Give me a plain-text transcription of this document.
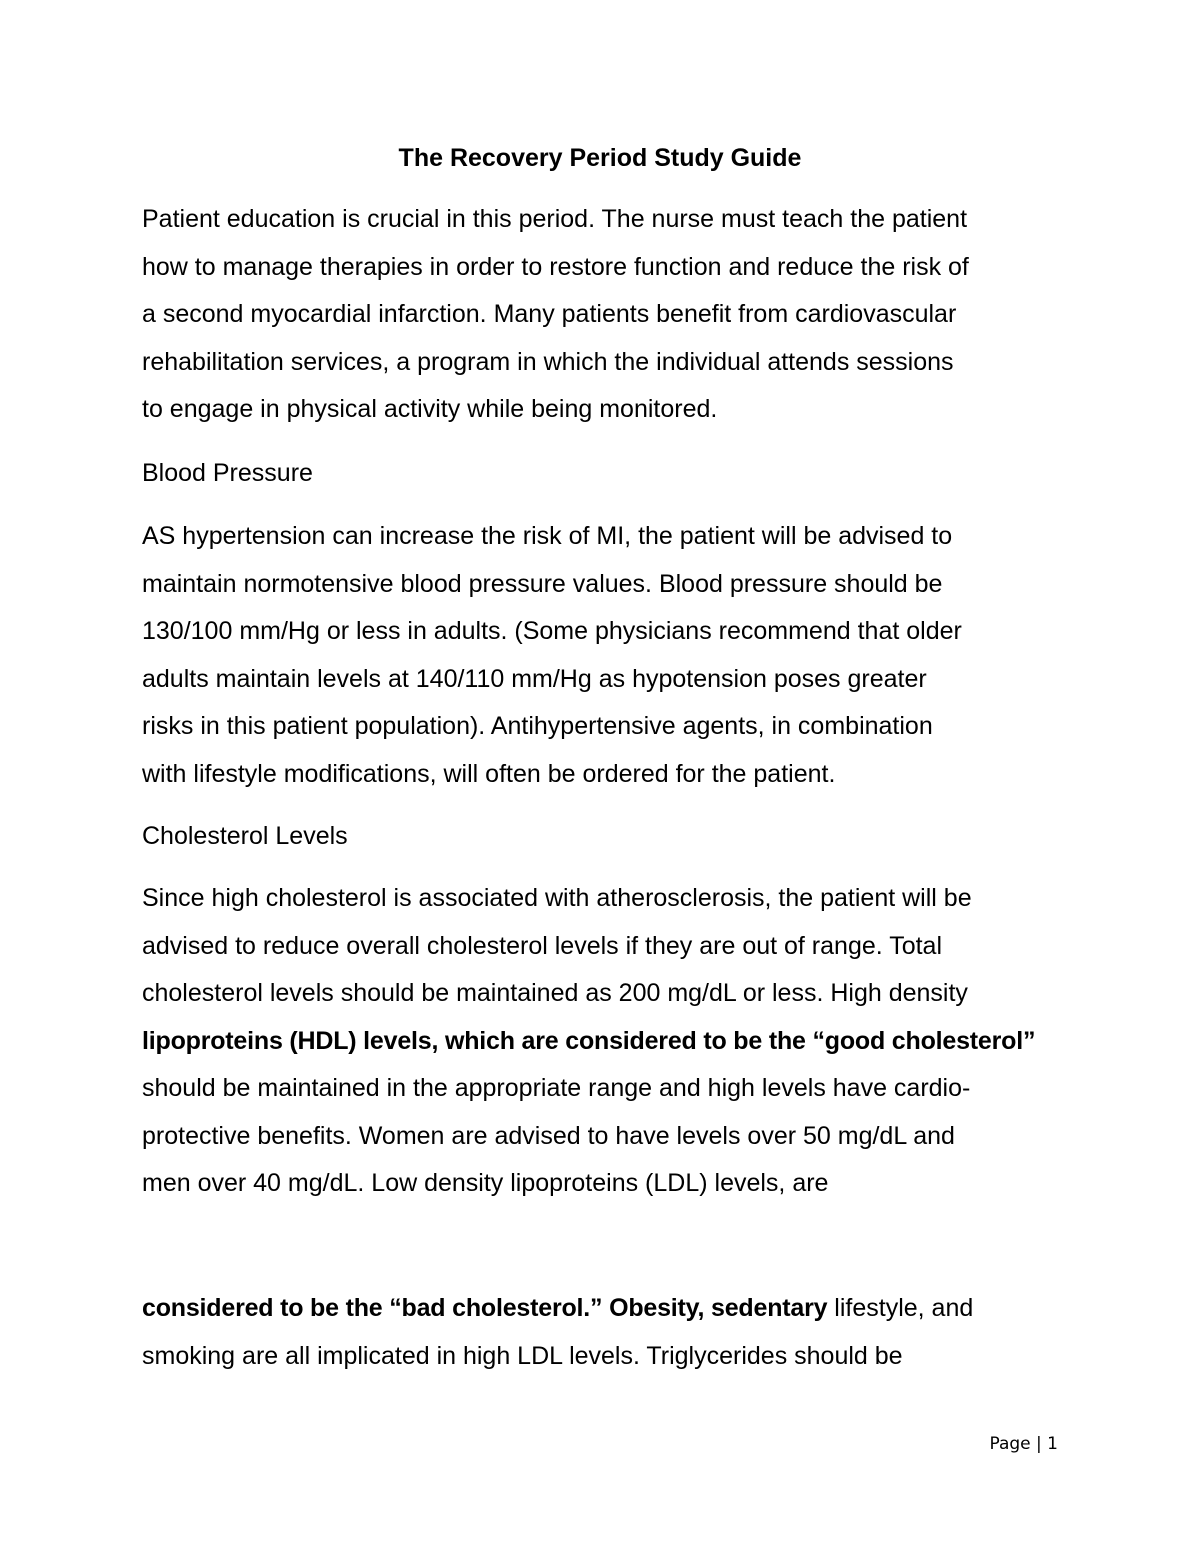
The Recovery Period Study Guide
Patient education is crucial in this period. The nurse must teach the patient
how to manage therapies in order to restore function and reduce the risk of
a second myocardial infarction. Many patients benefit from cardiovascular
rehabilitation services, a program in which the individual attends sessions
to engage in physical activity while being monitored.
Blood Pressure
AS hypertension can increase the risk of MI, the patient will be advised to
maintain normotensive blood pressure values. Blood pressure should be
130/100 mm/Hg or less in adults. (Some physicians recommend that older
adults maintain levels at 140/110 mm/Hg as hypotension poses greater
risks in this patient population). Antihypertensive agents, in combination
with lifestyle modifications, will often be ordered for the patient.
Cholesterol Levels
Since high cholesterol is associated with atherosclerosis, the patient will be
advised to reduce overall cholesterol levels if they are out of range. Total
cholesterol levels should be maintained as 200 mg/dL or less. High density
lipoproteins (HDL) levels, which are considered to be the “good cholesterol”
should be maintained in the appropriate range and high levels have cardio-
protective benefits. Women are advised to have levels over 50 mg/dL and
men over 40 mg/dL. Low density lipoproteins (LDL) levels, are
considered to be the “bad cholesterol.” Obesity, sedentary lifestyle, and
smoking are all implicated in high LDL levels. Triglycerides should be
Page | 1
